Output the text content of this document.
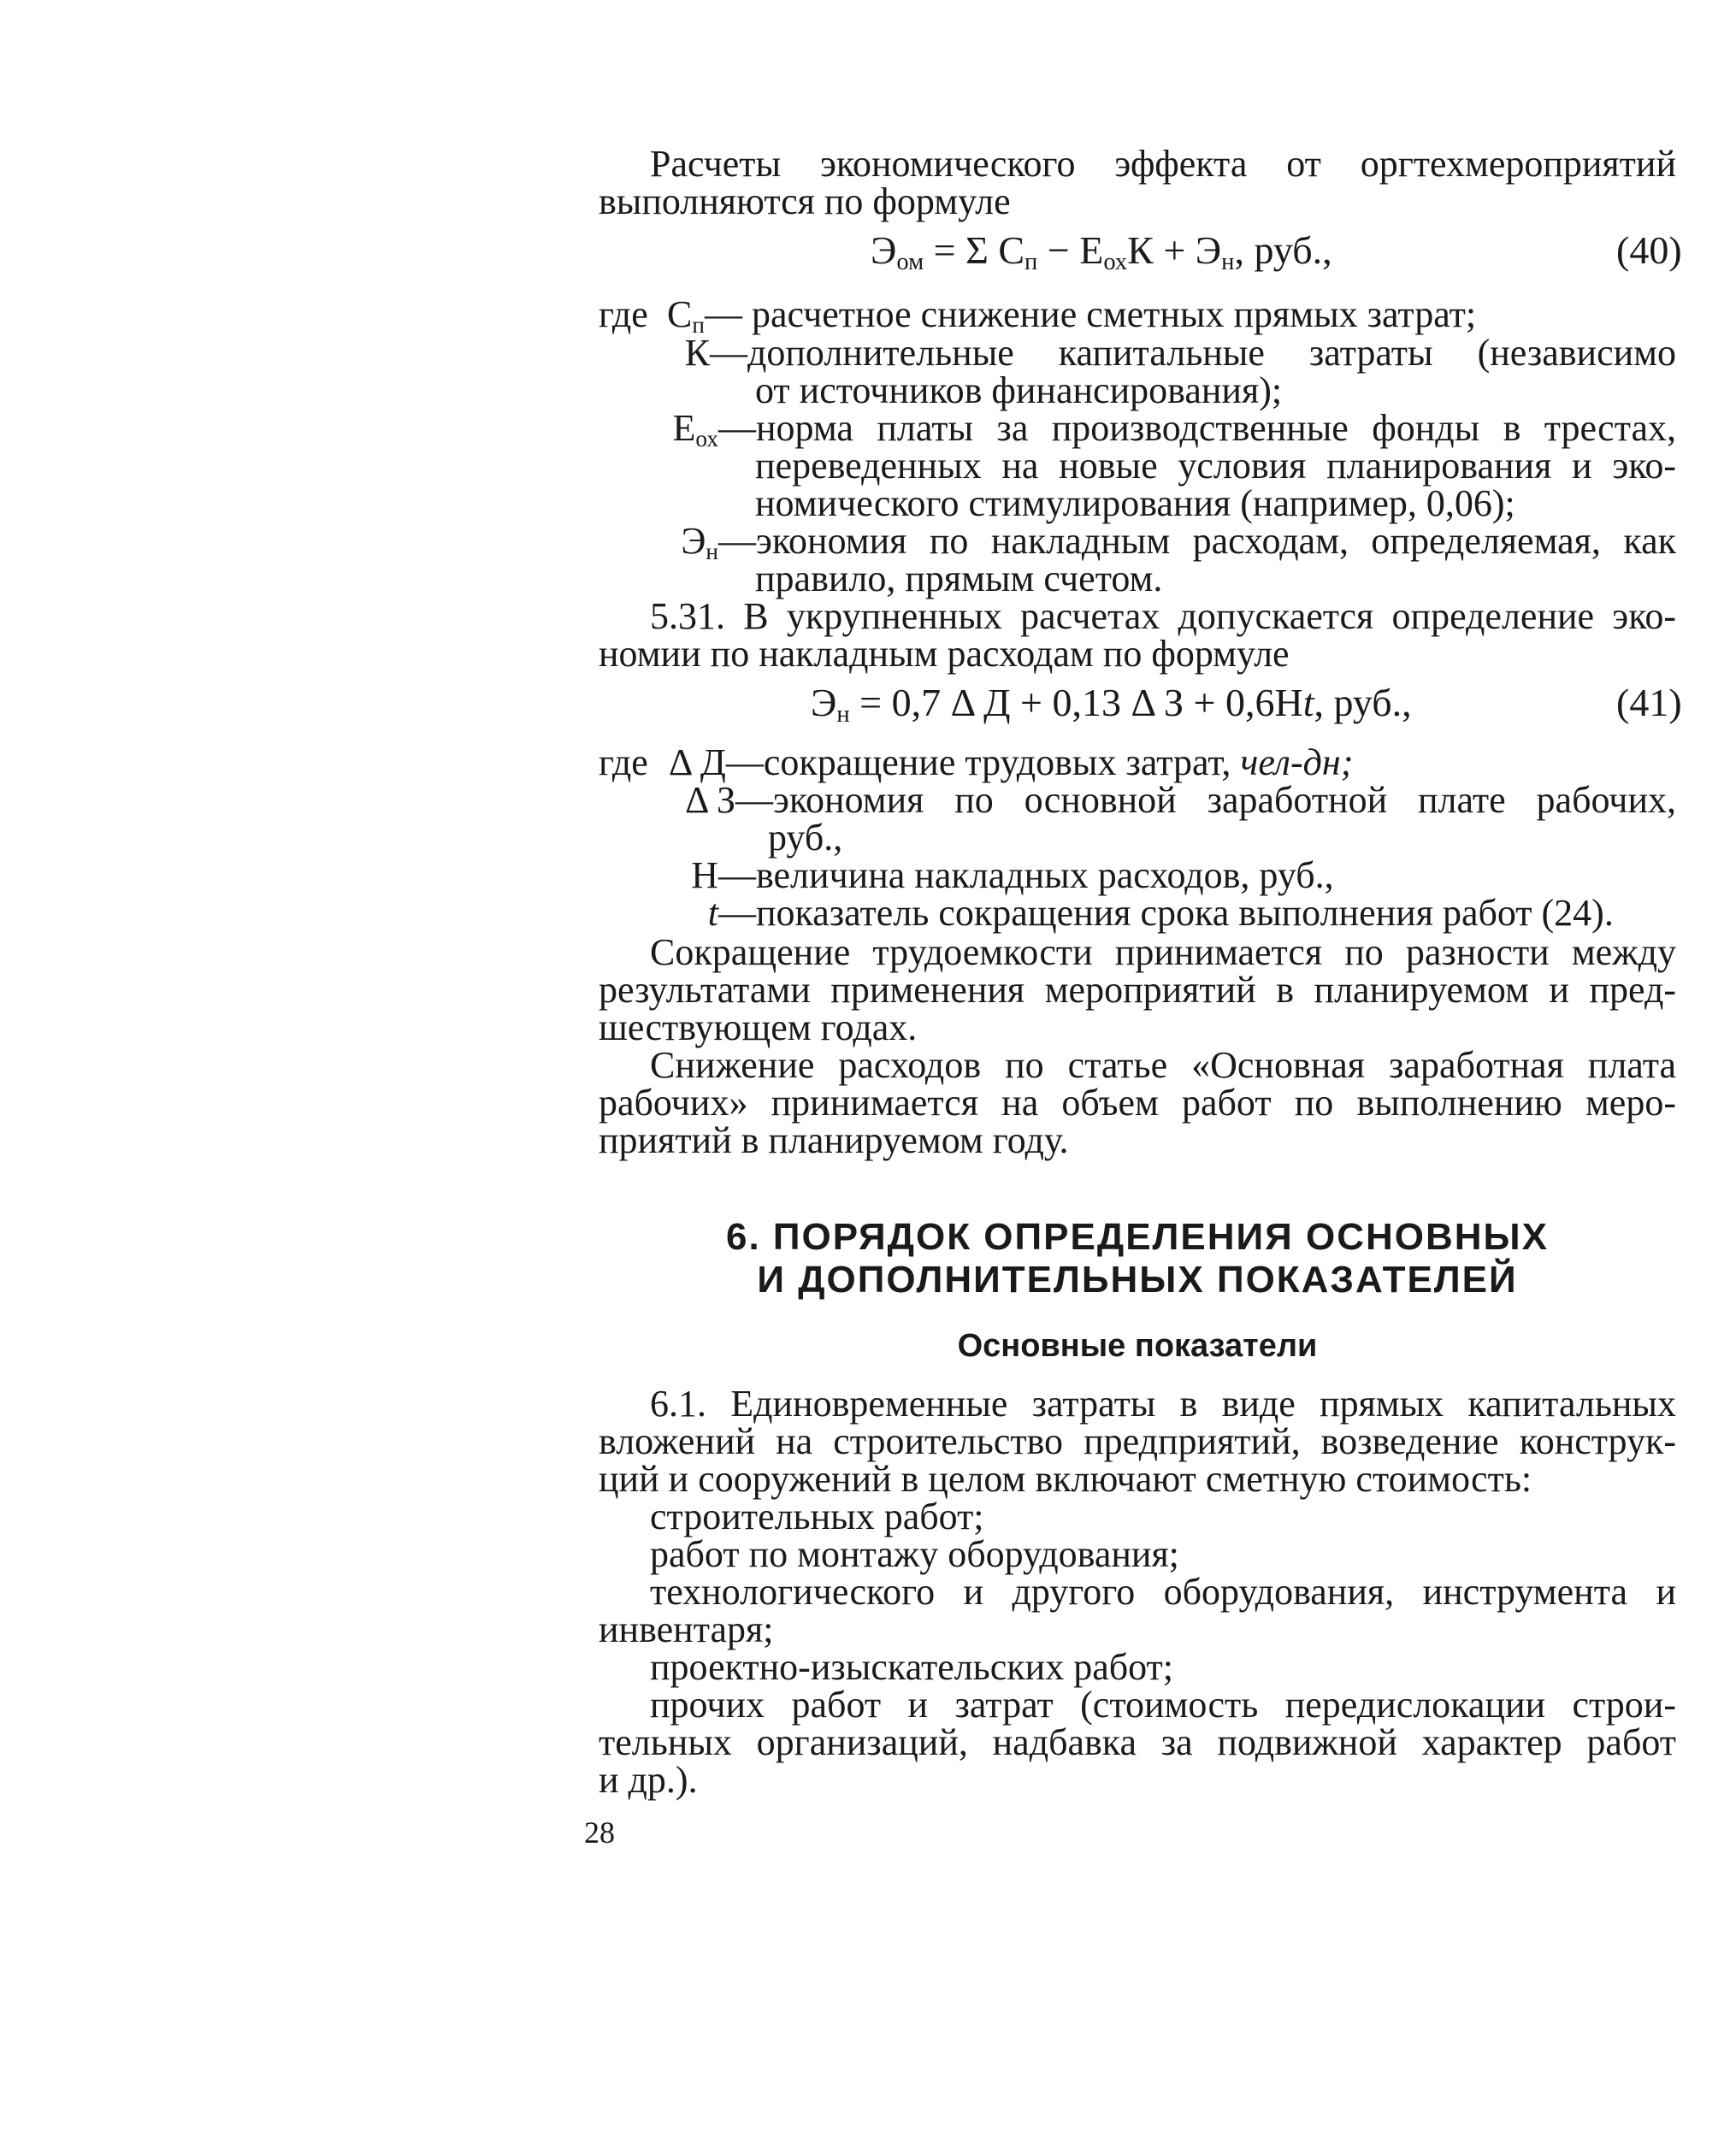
Расчеты экономического эффекта от оргтехмероприятий
выполняются по формуле
$Э_{ом} = \Sigma$ $С_п - Е_{ох}К + Э_н$, руб.,	(40)
где $С_п—$ расчетное снижение сметных прямых затрат;
К —дополнительные капитальные затраты (независимо
от источников финансирования);
$Е_{ох}$ —норма платы за производственные фонды в трестах,
переведенных на новые условия планирования и эко-
номического стимулирования (например, 0,06);
$Э_н$ —экономия по накладным расходам, определяемая, как
правило, прямым счетом.
5.31. В укрупненных расчетах допускается определение эко-
номии по накладным расходам по формуле
$Э_н = 0,7$ Δ Д + 0,13 Δ З + 0,6Нt, руб.,	(41)
где Δ Д—сокращение трудовых затрат, чел-дн;
Δ З —экономия по основной заработной плате рабочих,
руб.,
Н —величина накладных расходов, руб.,
t —показатель сокращения срока выполнения работ (24).
Сокращение трудоемкости принимается по разности между
результатами применения мероприятий в планируемом и пред-
шествующем годах.
Снижение расходов по статье «Основная заработная плата
рабочих» принимается на объем работ по выполнению меро-
приятий в планируемом году.
6. ПОРЯДОК ОПРЕДЕЛЕНИЯ ОСНОВНЫХ
И ДОПОЛНИТЕЛЬНЫХ ПОКАЗАТЕЛЕЙ
Основные показатели
6.1. Единовременные затраты в виде прямых капитальных
вложений на строительство предприятий, возведение конструк-
ций и сооружений в целом включают сметную стоимость:
строительных работ;
работ по монтажу оборудования;
технологического и другого оборудования, инструмента и
инвентаря;
проектно-изыскательских работ;
прочих работ и затрат (стоимость передислокации строи-
тельных организаций, надбавка за подвижной характер работ
и др.).
28
